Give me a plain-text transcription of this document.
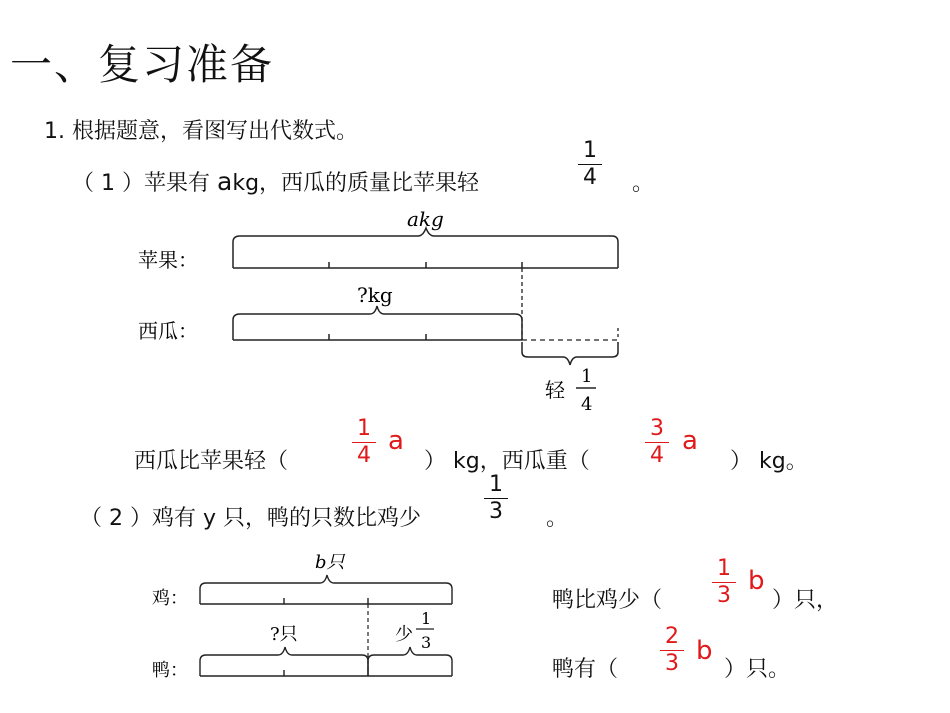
一、复习准备
1. 根据题意，看图写出代数式。
（ 1 ）苹果有 akg，西瓜的质量比苹果轻
1
4 。
苹果：
akg
西瓜：
?kg
轻
1
4
西瓜比苹果轻（
1
4 a
） kg，西瓜重（
3
4 a
） kg。
（ 2 ）鸡有 y 只，鸭的只数比鸡少
1
3 。
鸡：
b只
鸭：
?只	少
1
3
鸭比鸡少（
1
3 b
）只，
鸭有（
2
3 b
）只。
